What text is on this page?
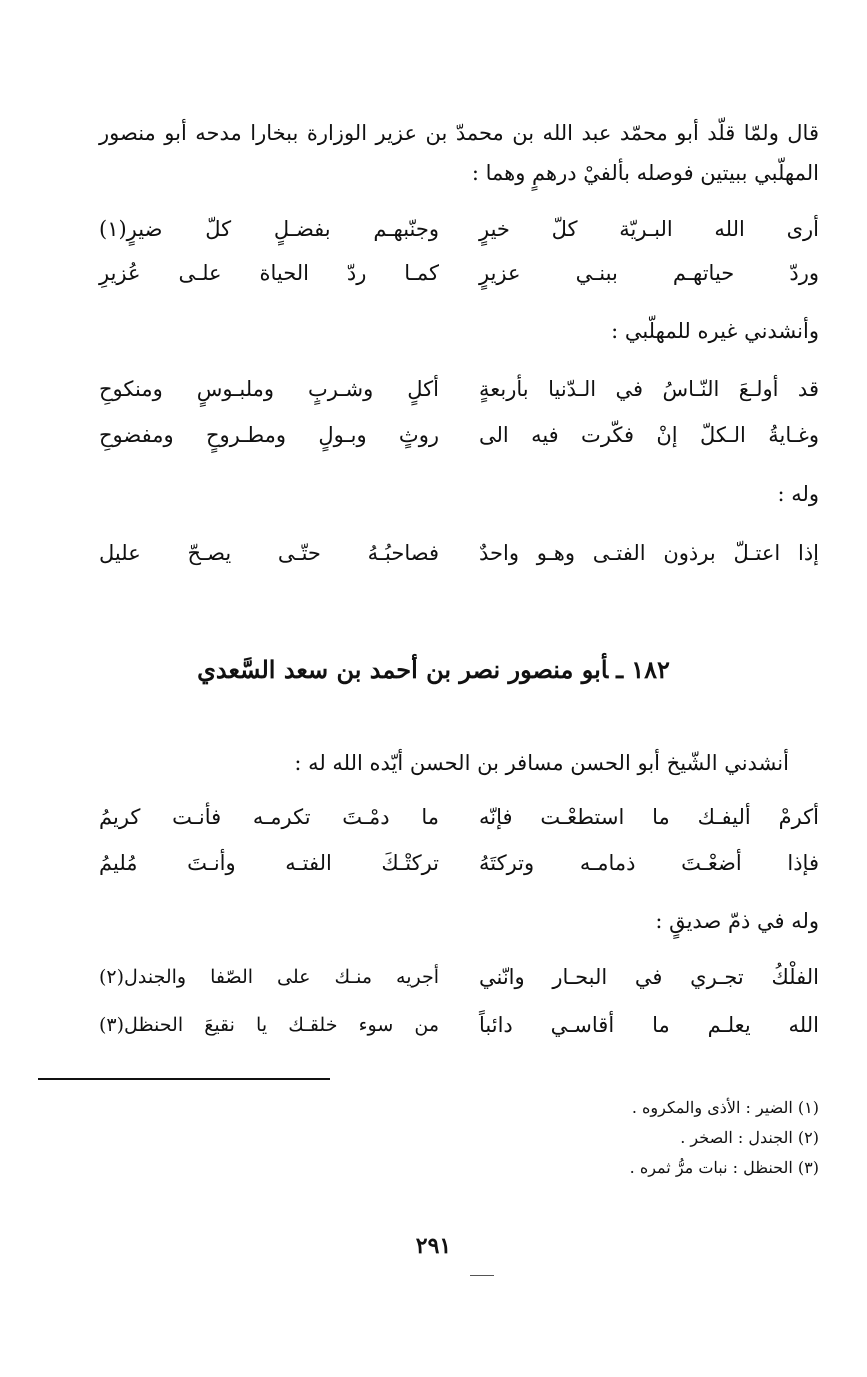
قال ولمّا قلّد أبو محمّد عبد الله بن محمدّ بن عزير الوزارة ببخارا مدحه أبو منصور المهلّبي ببيتين فوصله بألفيْ درهمٍ وهما :
أرى الله البـريّة كلّ خيرٍ
وجنّبهـم بفضـلٍ كلّ ضيرٍ(١)
وردّ حياتهـم ببنـي عزيرٍ
كمـا ردّ الحياة علـى عُزيرِ
وأنشدني غيره للمهلّبي :
قد أولـعَ النّـاسُ في الـدّنيا بأربعةٍ
أكلٍ وشـربٍ وملبـوسٍ ومنكوحِ
وغـايةُ الـكلّ إنْ فكّرت فيه الى
روثٍ وبـولٍ ومطـروحٍ ومفضوحِ
وله :
إذا اعتـلّ برذون الفتـى وهـو واحدٌ
فصاحبُـهُ حتّـى يصـحّ عليل
١٨٢ـأبو منصور نصر بن أحمد بن سعد السَّعدي
أنشدني الشّيخ أبو الحسن مسافر بن الحسن أيّده الله له :
أكرمْ أليفـك ما استطعْـت فإنّه
ما دمْـتَ تكرمـه فأنـت كريمُ
فإذا أضعْـتَ ذمامـه وتركتَهُ
تركتْـكَ الفتـه وأنـتَ مُليمُ
وله في ذمّ صديقٍ :
الفلْكُ تجـري في البحـار وانّني
أجريه منـك على الصّفا والجندل(٢)
الله يعلـم ما أقاسـي دائباً
من سوء خلقـك يا نقيعَ الحنظل(٣)
(١) الضير : الأذى والمكروه .
(٢) الجندل : الصخر .
(٣) الحنظل : نبات مرُّ ثمره .
٢٩١
